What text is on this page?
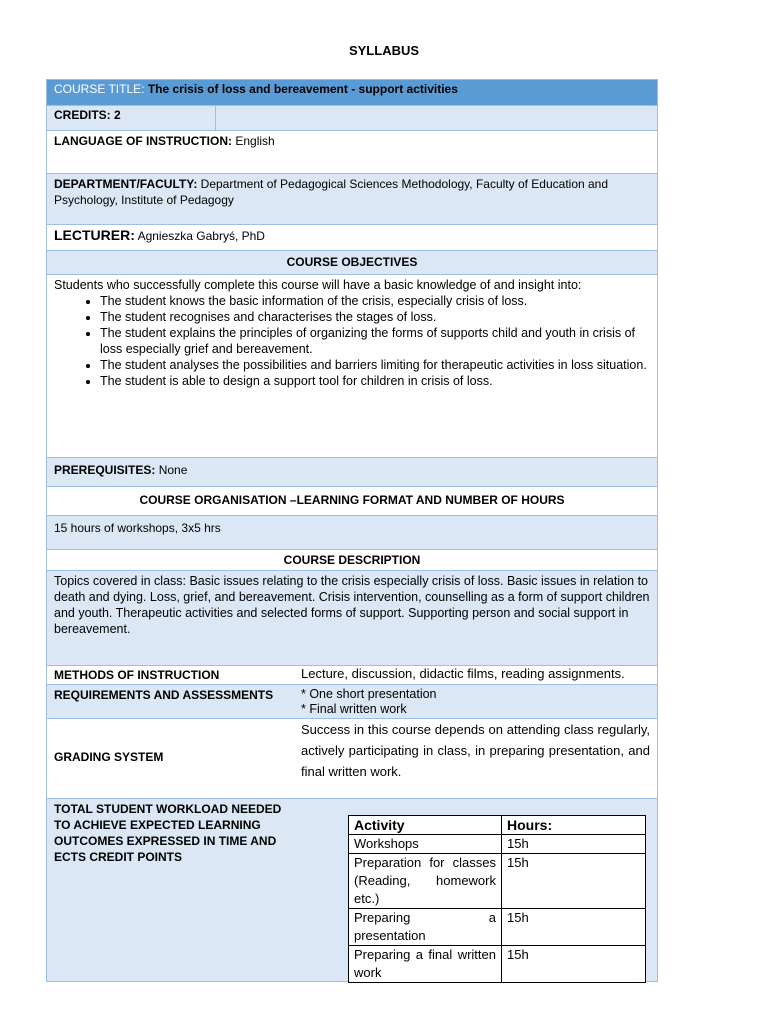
SYLLABUS
COURSE TITLE: The crisis of loss and bereavement - support activities
CREDITS: 2
LANGUAGE OF INSTRUCTION: English
DEPARTMENT/FACULTY: Department of Pedagogical Sciences Methodology, Faculty of Education and Psychology, Institute of Pedagogy
LECTURER: Agnieszka Gabryś, PhD
COURSE OBJECTIVES
Students who successfully complete this course will have a basic knowledge of and insight into:
• The student knows the basic information of the crisis, especially crisis of loss.
• The student recognises and characterises the stages of loss.
• The student explains the principles of organizing the forms of supports child and youth in crisis of loss especially grief and bereavement.
• The student analyses the possibilities and barriers limiting for therapeutic activities in loss situation.
• The student is able to design a support tool for children in crisis of loss.
PREREQUISITES: None
COURSE ORGANISATION –LEARNING FORMAT AND NUMBER OF HOURS
15 hours of workshops, 3x5 hrs
COURSE DESCRIPTION
Topics covered in class: Basic issues relating to the crisis especially crisis of loss. Basic issues in relation to death and dying. Loss, grief, and bereavement. Crisis intervention, counselling as a form of support children and youth. Therapeutic activities and selected forms of support. Supporting person and social support in bereavement.
METHODS OF INSTRUCTION	Lecture, discussion, didactic films, reading assignments.
REQUIREMENTS AND ASSESSMENTS	* One short presentation
* Final written work
GRADING SYSTEM
Success in this course depends on attending class regularly, actively participating in class, in preparing presentation, and final written work.
TOTAL STUDENT WORKLOAD NEEDED TO ACHIEVE EXPECTED LEARNING OUTCOMES EXPRESSED IN TIME AND ECTS CREDIT POINTS
Activity	Hours:
Workshops	15h
Preparation for classes (Reading, homework etc.)	15h
Preparing a presentation	15h
Preparing a final written work	15h
